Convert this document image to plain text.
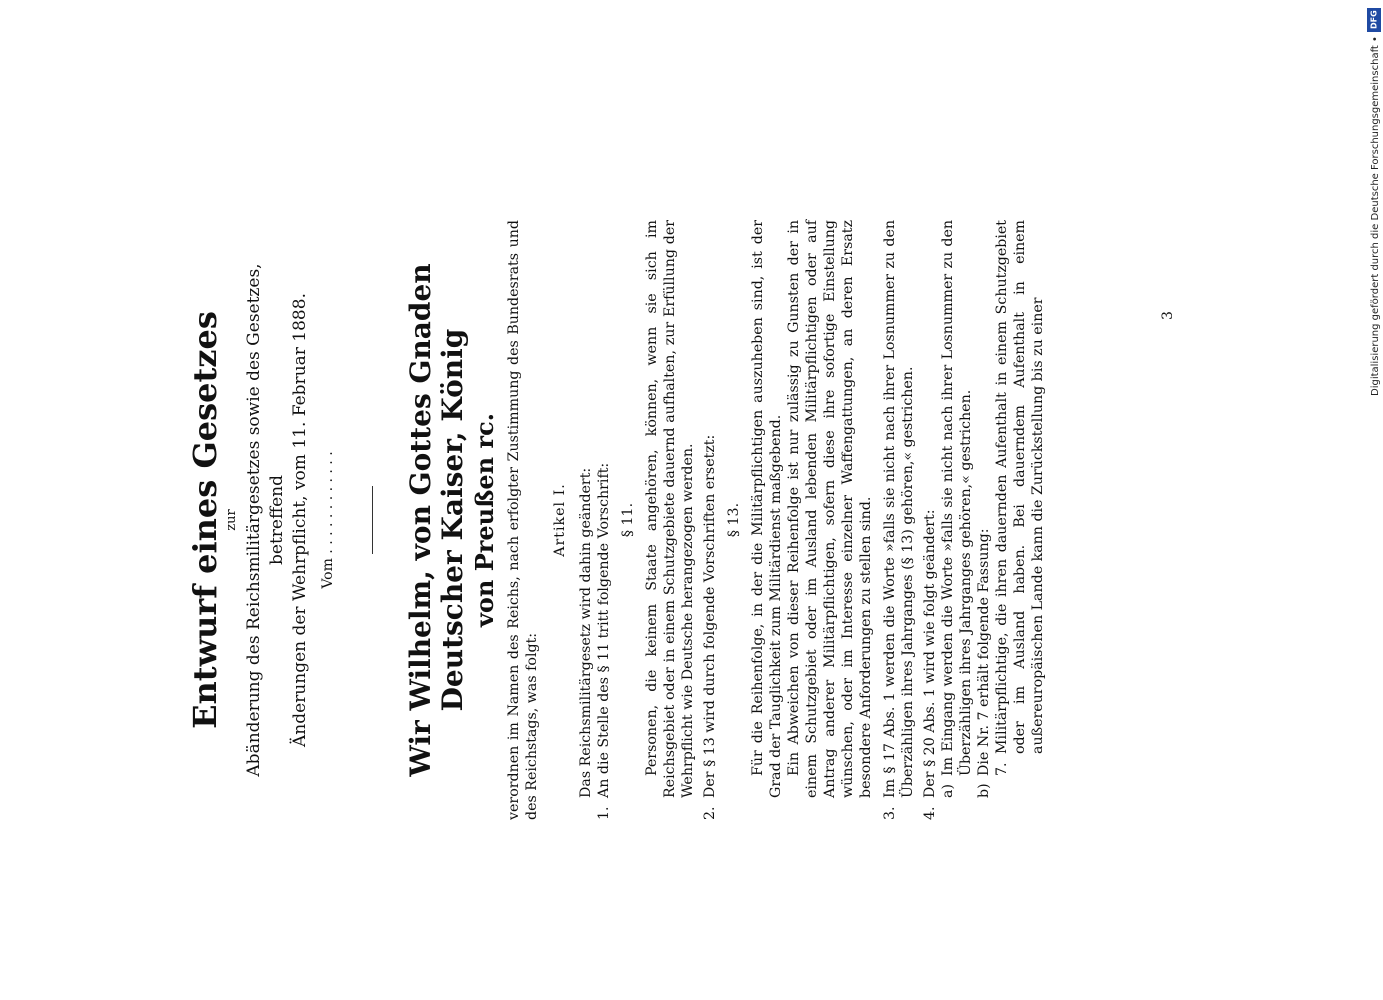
Entwurf eines Gesetzes zur Abänderung des Reichsmilitärgesetzes sowie des Gesetzes, betreffend Änderungen der Wehrpflicht, vom 11. Februar 1888. Vom . . . . . . . . . . . . Wir Wilhelm, von Gottes Gnaden Deutscher Kaiser, König von Preußen rc. verordnen im Namen des Reichs, nach erfolgter Zustimmung des Bundesrats und des Reichstags, was folgt:

Artikel I. Das Reichsmilitärgesetz wird dahin geändert:

1.
An die Stelle des § 11 tritt folgende Vorschrift: § 11. Personen, die keinem Staate angehören, können, wenn sie sich im Reichsgebiet oder in einem Schutzgebiete dauernd aufhalten, zur Erfüllung der Wehrpflicht wie Deutsche herangezogen werden.

2.
Der § 13 wird durch folgende Vorschriften ersetzt: § 13. Für die Reihenfolge, in der die Militärpflichtigen auszuheben sind, ist der Grad der Tauglichkeit zum Militärdienst maßgebend. Ein Abweichen von dieser Reihenfolge ist nur zulässig zu Gunsten der in einem Schutzgebiet oder im Ausland lebenden Militärpflichtigen oder auf Antrag anderer Militärpflichtigen, sofern diese ihre sofortige Einstellung wünschen, oder im Interesse einzelner Waffengattungen, an deren Ersatz besondere Anforderungen zu stellen sind.

3.
Im § 17 Abs. 1 werden die Worte »falls sie nicht nach ihrer Losnummer zu den Überzähligen ihres Jahrganges (§ 13) gehören,« gestrichen.
4.
Der § 20 Abs. 1 wird wie folgt geändert: a)
Im Eingang werden die Worte »falls sie nicht nach ihrer Losnummer zu den Überzähligen ihres Jahrganges gehören,« gestrichen.
b)
Die Nr. 7 erhält folgende Fassung: 7.
Militärpflichtige, die ihren dauernden Aufenthalt in einem Schutzgebiet oder im Ausland haben. Bei dauerndem Aufenthalt in einem außereuropäischen Lande kann die Zurückstellung bis zu einer	3	Digitalisierung gefördert durch die Deutsche Forschungsgemeinschaft •
DFG
